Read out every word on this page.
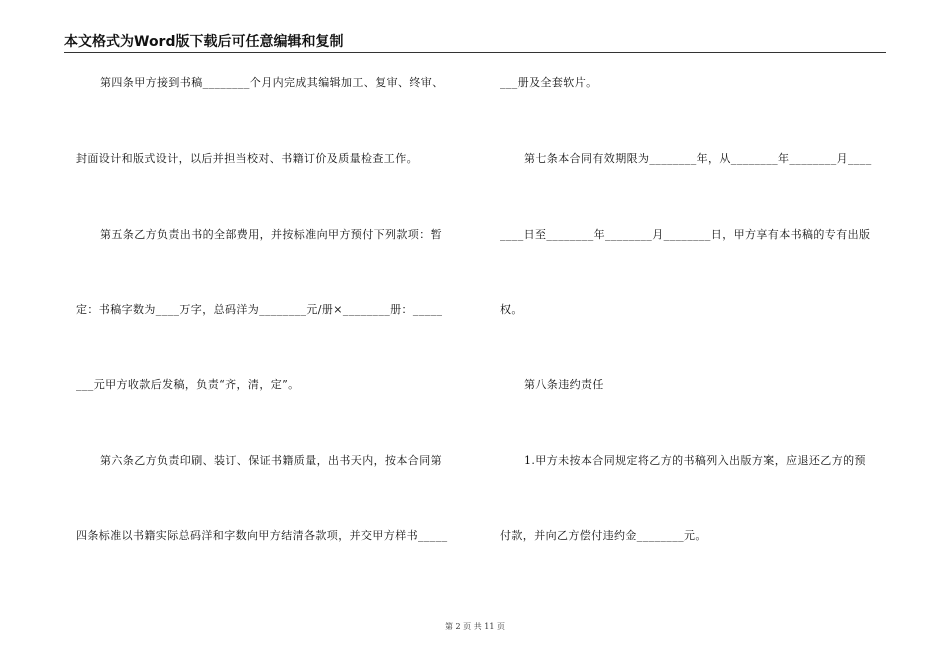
本文格式为Word版下载后可任意编辑和复制
第四条甲方接到书稿________个月内完成其编辑加工、复审、终审、
封面设计和版式设计，以后并担当校对、书籍订价及质量检查工作。
第五条乙方负责出书的全部费用，并按标准向甲方预付下列款项：暂
定：书稿字数为____万字，总码洋为________元/册×________册：_____
___元甲方收款后发稿，负责“齐，清，定”。
第六条乙方负责印刷、装订、保证书籍质量，出书天内，按本合同第
四条标准以书籍实际总码洋和字数向甲方结清各款项，并交甲方样书_____
___册及全套软片。
第七条本合同有效期限为________年，从________年________月____
____日至________年________月________日，甲方享有本书稿的专有出版
权。
第八条违约责任
1.甲方未按本合同规定将乙方的书稿列入出版方案，应退还乙方的预
付款，并向乙方偿付违约金________元。
第 2 页 共 11 页
